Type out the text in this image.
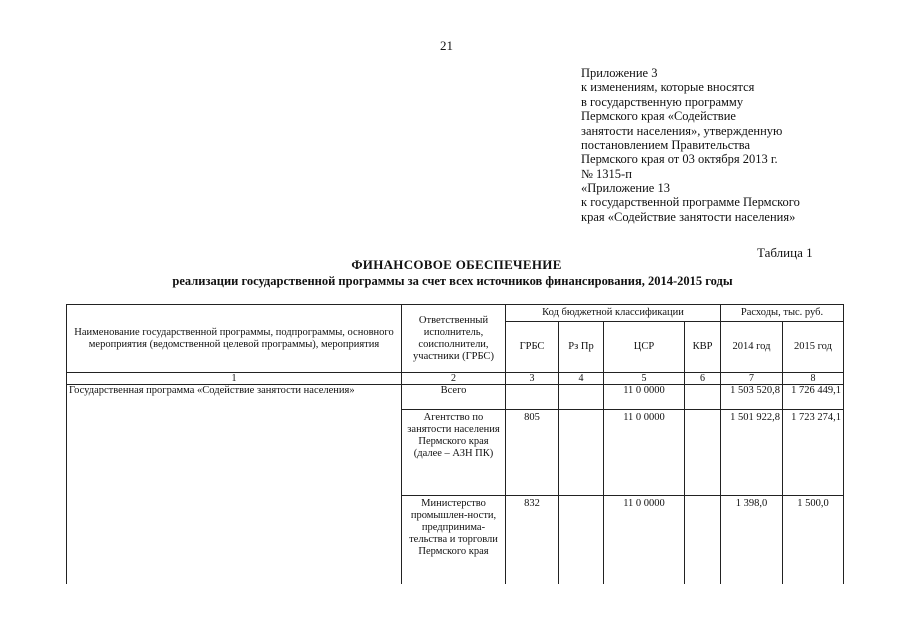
21
Приложение 3
к изменениям, которые вносятся
в государственную программу
Пермского края «Содействие
занятости населения», утвержденную
постановлением Правительства
Пермского края от 03 октября 2013 г.
№ 1315-п
«Приложение 13
к государственной программе Пермского
края «Содействие занятости населения»
Таблица 1
ФИНАНСОВОЕ ОБЕСПЕЧЕНИЕ
реализации государственной программы за счет всех источников финансирования, 2014-2015 годы
Наименование государственной программы, подпрограммы, основного мероприятия (ведомственной целевой программы), мероприятия	Ответственный исполнитель, соисполнители, участники (ГРБС)	Код бюджетной классификации				Расходы, тыс. руб.	
		ГРБС	Рз Пр	ЦСР	КВР	2014 год	2015 год
1	2	3	4	5	6	7	8
Государственная программа «Содействие занятости населения»	Всего			11 0 0000		1 503 520,8	1 726 449,1
	Агентство по занятости населения Пермского края (далее – АЗН ПК)	805		11 0 0000		1 501 922,8	1 723 274,1
	Министерство промышлен-ности, предпринима-тельства и торговли Пермского края	832		11 0 0000		1 398,0	1 500,0
